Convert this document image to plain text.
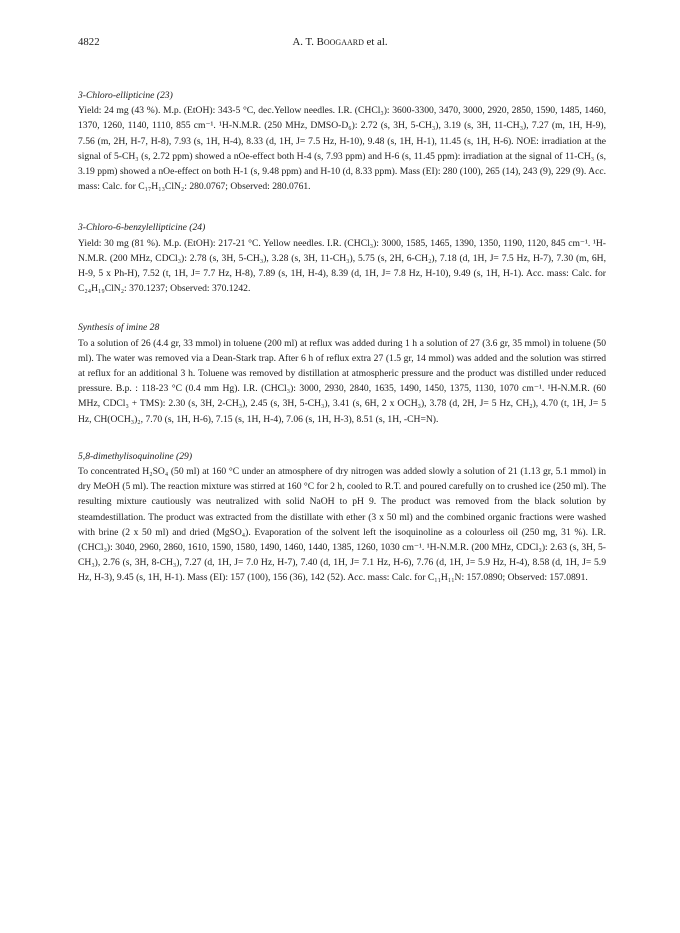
4822	A. T. Boogaard et al.
3-Chloro-ellipticine (23)
Yield: 24 mg (43 %). M.p. (EtOH): 343-5 °C, dec.Yellow needles. I.R. (CHCl₃): 3600-3300, 3470, 3000, 2920, 2850, 1590, 1485, 1460, 1370, 1260, 1140, 1110, 855 cm⁻¹. ¹H-N.M.R. (250 MHz, DMSO-D₆): 2.72 (s, 3H, 5-CH₃), 3.19 (s, 3H, 11-CH₃), 7.27 (m, 1H, H-9), 7.56 (m, 2H, H-7, H-8), 7.93 (s, 1H, H-4), 8.33 (d, 1H, J= 7.5 Hz, H-10), 9.48 (s, 1H, H-1), 11.45 (s, 1H, H-6). NOE: irradiation at the signal of 5-CH₃ (s, 2.72 ppm) showed a nOe-effect both H-4 (s, 7.93 ppm) and H-6 (s, 11.45 ppm): irradiation at the signal of 11-CH₃ (s, 3.19 ppm) showed a nOe-effect on both H-1 (s, 9.48 ppm) and H-10 (d, 8.33 ppm). Mass (EI): 280 (100), 265 (14), 243 (9), 229 (9). Acc. mass: Calc. for C₁₇H₁₃ClN₂: 280.0767; Observed: 280.0761.
3-Chloro-6-benzylellipticine (24)
Yield: 30 mg (81 %). M.p. (EtOH): 217-21 °C. Yellow needles. I.R. (CHCl₃): 3000, 1585, 1465, 1390, 1350, 1190, 1120, 845 cm⁻¹. ¹H-N.M.R. (200 MHz, CDCl₃): 2.78 (s, 3H, 5-CH₃), 3.28 (s, 3H, 11-CH₃), 5.75 (s, 2H, 6-CH₂), 7.18 (d, 1H, J= 7.5 Hz, H-7), 7.30 (m, 6H, H-9, 5 x Ph-H), 7.52 (t, 1H, J= 7.7 Hz, H-8), 7.89 (s, 1H, H-4), 8.39 (d, 1H, J= 7.8 Hz, H-10), 9.49 (s, 1H, H-1). Acc. mass: Calc. for C₂₄H₁₉ClN₂: 370.1237; Observed: 370.1242.
Synthesis of imine 28
To a solution of 26 (4.4 gr, 33 mmol) in toluene (200 ml) at reflux was added during 1 h a solution of 27 (3.6 gr, 35 mmol) in toluene (50 ml). The water was removed via a Dean-Stark trap. After 6 h of reflux extra 27 (1.5 gr, 14 mmol) was added and the solution was stirred at reflux for an additional 3 h. Toluene was removed by distillation at atmospheric pressure and the product was distilled under reduced pressure. B.p. : 118-23 °C (0.4 mm Hg). I.R. (CHCl₃): 3000, 2930, 2840, 1635, 1490, 1450, 1375, 1130, 1070 cm⁻¹. ¹H-N.M.R. (60 MHz, CDCl₃ + TMS): 2.30 (s, 3H, 2-CH₃), 2.45 (s, 3H, 5-CH₃), 3.41 (s, 6H, 2 x OCH₃), 3.78 (d, 2H, J= 5 Hz, CH₂), 4.70 (t, 1H, J= 5 Hz, CH(OCH₃)₂, 7.70 (s, 1H, H-6), 7.15 (s, 1H, H-4), 7.06 (s, 1H, H-3), 8.51 (s, 1H, -CH=N).
5,8-dimethylisoquinoline (29)
To concentrated H₂SO₄ (50 ml) at 160 °C under an atmosphere of dry nitrogen was added slowly a solution of 21 (1.13 gr, 5.1 mmol) in dry MeOH (5 ml). The reaction mixture was stirred at 160 °C for 2 h, cooled to R.T. and poured carefully on to crushed ice (250 ml). The resulting mixture cautiously was neutralized with solid NaOH to pH 9. The product was removed from the black solution by steamdestillation. The product was extracted from the distillate with ether (3 x 50 ml) and the combined organic fractions were washed with brine (2 x 50 ml) and dried (MgSO₄). Evaporation of the solvent left the isoquinoline as a colourless oil (250 mg, 31 %). I.R. (CHCl₃): 3040, 2960, 2860, 1610, 1590, 1580, 1490, 1460, 1440, 1385, 1260, 1030 cm⁻¹. ¹H-N.M.R. (200 MHz, CDCl₃): 2.63 (s, 3H, 5-CH₃), 2.76 (s, 3H, 8-CH₃), 7.27 (d, 1H, J= 7.0 Hz, H-7), 7.40 (d, 1H, J= 7.1 Hz, H-6), 7.76 (d, 1H, J= 5.9 Hz, H-4), 8.58 (d, 1H, J= 5.9 Hz, H-3), 9.45 (s, 1H, H-1). Mass (EI): 157 (100), 156 (36), 142 (52). Acc. mass: Calc. for C₁₁H₁₁N: 157.0890; Observed: 157.0891.
